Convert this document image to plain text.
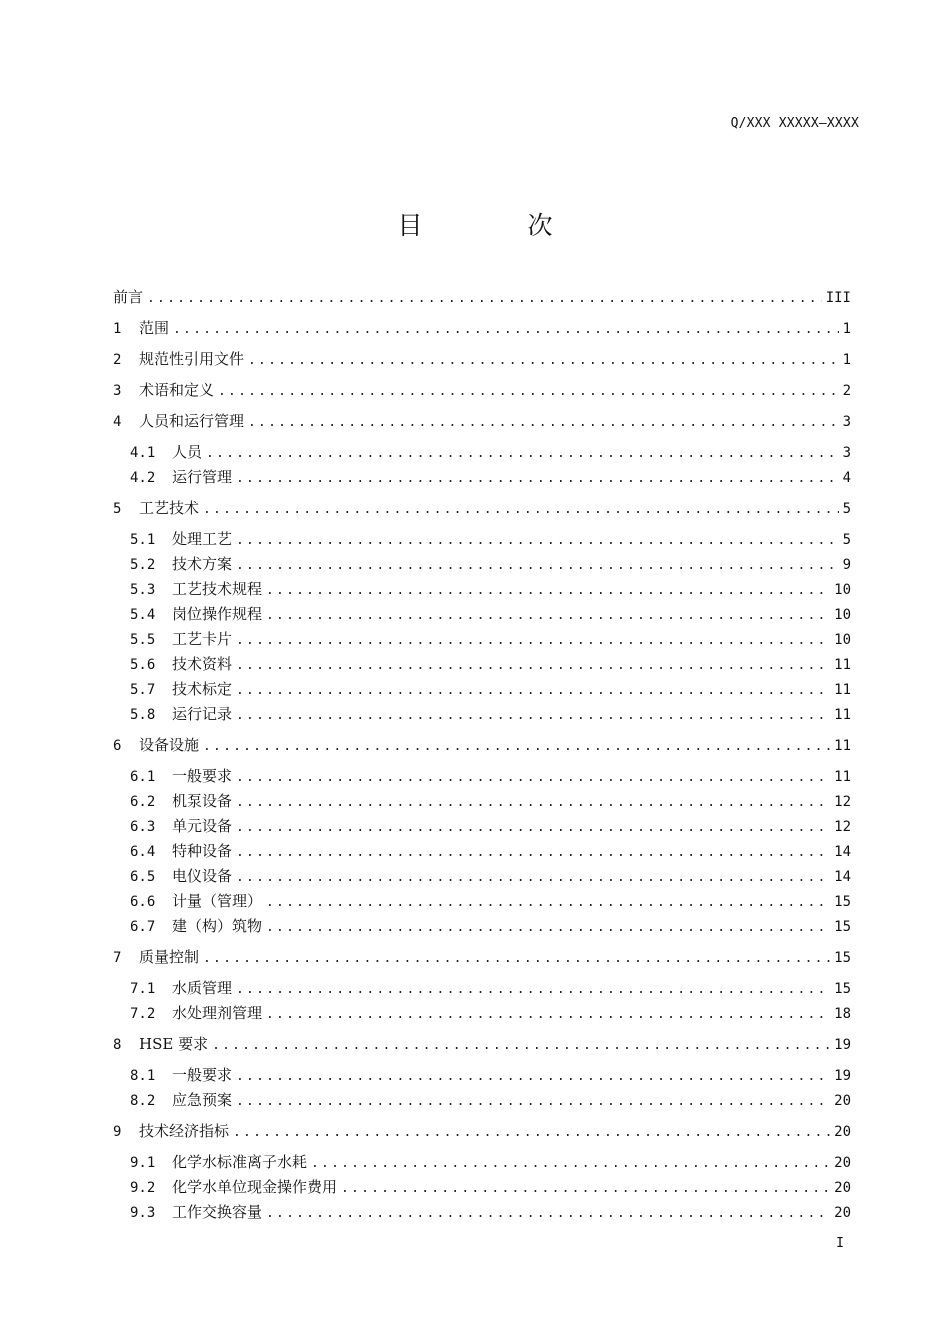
Q/XXX XXXXX—XXXX
目　次
前言 .....	III
1	范围 .....	1
2	规范性引用文件 .....	1
3	术语和定义 .....	2
4	人员和运行管理 .....	3
4.1	人员 .....	3
4.2	运行管理 .....	4
5	工艺技术 .....	5
5.1	处理工艺 .....	5
5.2	技术方案 .....	9
5.3	工艺技术规程 .....	10
5.4	岗位操作规程 .....	10
5.5	工艺卡片 .....	10
5.6	技术资料 .....	11
5.7	技术标定 .....	11
5.8	运行记录 .....	11
6	设备设施 .....	11
6.1	一般要求 .....	11
6.2	机泵设备 .....	12
6.3	单元设备 .....	12
6.4	特种设备 .....	14
6.5	电仪设备 .....	14
6.6	计量（管理） .....	15
6.7	建（构）筑物 .....	15
7	质量控制 .....	15
7.1	水质管理 .....	15
7.2	水处理剂管理 .....	18
8	HSE 要求 .....	19
8.1	一般要求 .....	19
8.2	应急预案 .....	20
9	技术经济指标 .....	20
9.1	化学水标准离子水耗 .....	20
9.2	化学水单位现金操作费用 .....	20
9.3	工作交换容量 .....	20
I
